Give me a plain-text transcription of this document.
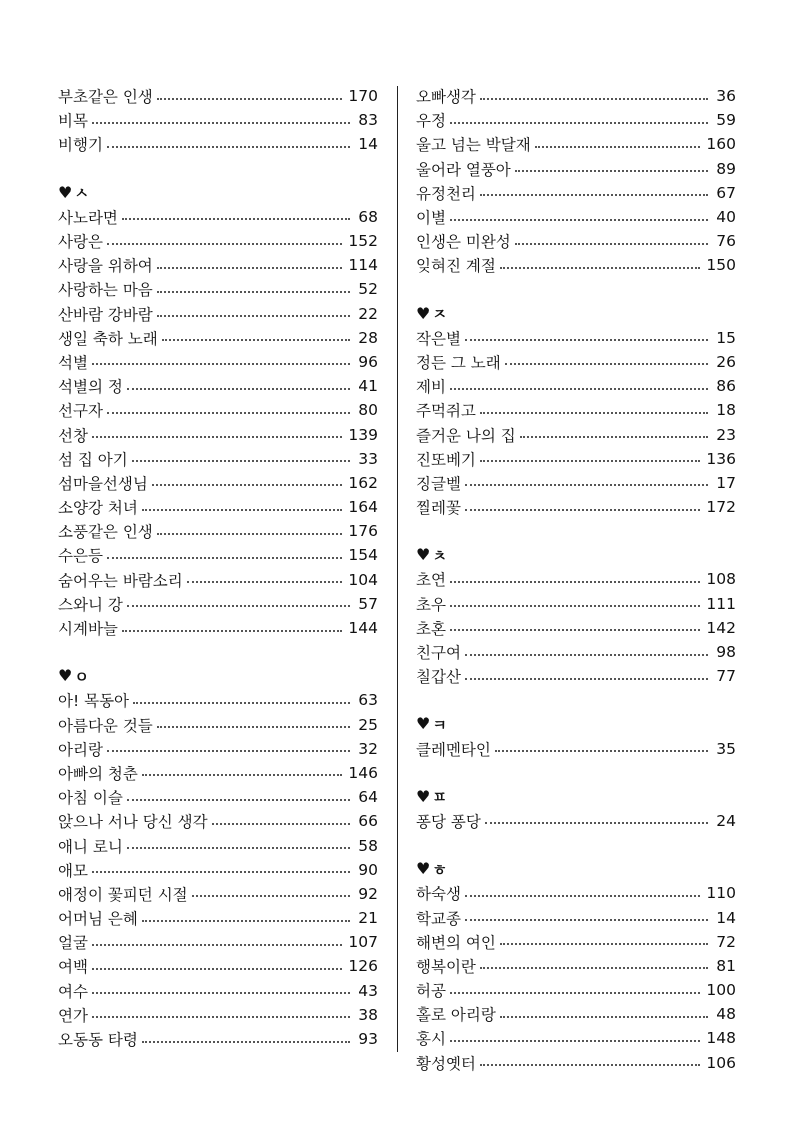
부초같은 인생	170
비목	83
비행기	14
♥ ㅅ
사노라면	68
사랑은	152
사랑을 위하여	114
사랑하는 마음	52
산바람 강바람	22
생일 축하 노래	28
석별	96
석별의 정	41
선구자	80
선창	139
섬 집 아기	33
섬마을선생님	162
소양강 처녀	164
소풍같은 인생	176
수은등	154
숨어우는 바람소리	104
스와니 강	57
시계바늘	144
♥ ㅇ
아! 목동아	63
아름다운 것들	25
아리랑	32
아빠의 청춘	146
아침 이슬	64
앉으나 서나 당신 생각	66
애니 로니	58
애모	90
애정이 꽃피던 시절	92
어머님 은혜	21
얼굴	107
여백	126
여수	43
연가	38
오동동 타령	93
오빠생각	36
우정	59
울고 넘는 박달재	160
울어라 열풍아	89
유정천리	67
이별	40
인생은 미완성	76
잊혀진 계절	150
♥ ㅈ
작은별	15
정든 그 노래	26
제비	86
주먹쥐고	18
즐거운 나의 집	23
진또베기	136
징글벨	17
찔레꽃	172
♥ ㅊ
초연	108
초우	111
초혼	142
친구여	98
칠갑산	77
♥ ㅋ
클레멘타인	35
♥ ㅍ
퐁당 퐁당	24
♥ ㅎ
하숙생	110
학교종	14
해변의 여인	72
행복이란	81
허공	100
홀로 아리랑	48
홍시	148
황성옛터	106
